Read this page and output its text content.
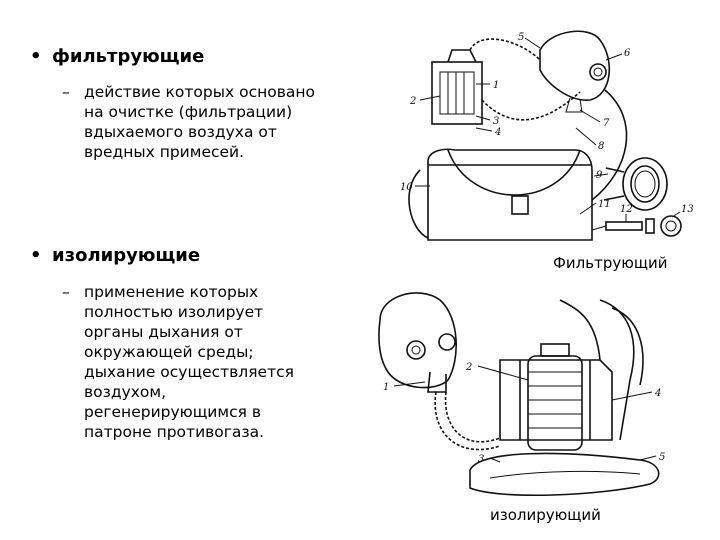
• фильтрующие
– действие которых основано
на очистке (фильтрации)
вдыхаемого воздуха от
вредных примесей.
• изолирующие
– применение которых
полностью изолирует
органы дыхания от
окружающей среды;
дыхание осуществляется
воздухом,
регенерирующимся в
патроне противогаза.
1
2
3
4
5
6
7
8
9
10
11 12	13
Фильтрующий
1
2
3
4
5
изолирующий
